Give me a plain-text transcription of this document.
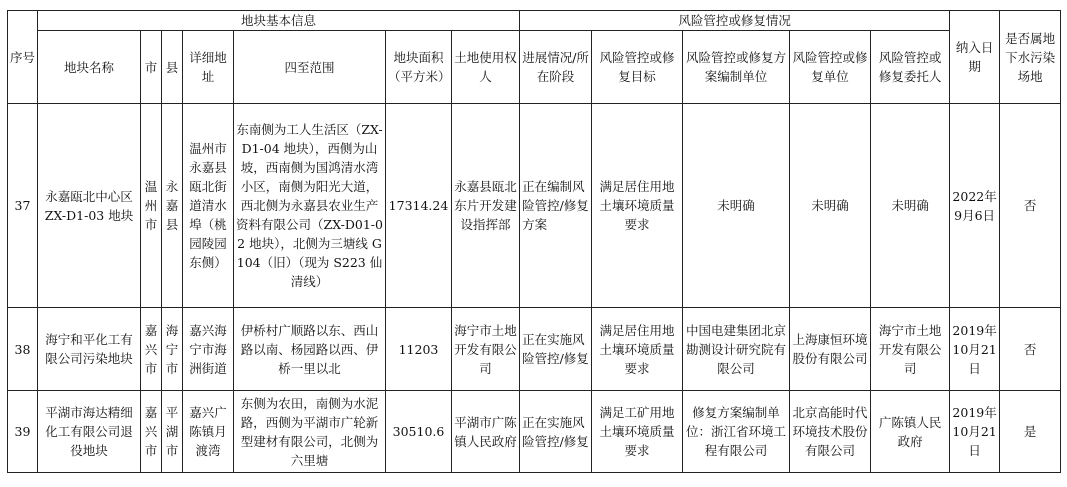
序号	地块基本信息							风险管控或修复情况					纳入日期	是否属地下水污染场地
	地块名称	市	县	详细地址	四至范围	地块面积（平方米）	土地使用权人	进展情况/所在阶段	风险管控或修复目标	风险管控或修复方案编制单位	风险管控或修复单位	风险管控或修复委托人		
37	永嘉瓯北中心区 ZX-D1-03 地块	温州市	永嘉县	温州市永嘉县瓯北街道清水埠（桃园陵园东侧）	东南侧为工人生活区（ZX-D1-04 地块），西侧为山坡，西南侧为国鸿清水湾小区，南侧为阳光大道，西北侧为永嘉县农业生产资料有限公司（ZX-D01-02 地块），北侧为三塘线 G104（旧）（现为 S223 仙清线）	17314.24	永嘉县瓯北东片开发建设指挥部	正在编制风险管控/修复方案	满足居住用地土壤环境质量要求	未明确	未明确	未明确	2022年9月6日	否
38	海宁和平化工有限公司污染地块	嘉兴市	海宁市	嘉兴海宁市海洲街道	伊桥村广顺路以东、西山路以南、杨园路以西、伊桥一里以北	11203	海宁市土地开发有限公司	正在实施风险管控/修复	满足居住用地土壤环境质量要求	中国电建集团北京勘测设计研究院有限公司	上海康恒环境股份有限公司	海宁市土地开发有限公司	2019年10月21日	否
39	平湖市海达精细化工有限公司退役地块	嘉兴市	平湖市	嘉兴广陈镇月渡湾	东侧为农田，南侧为水泥路，西侧为平湖市广轮新型建材有限公司，北侧为六里塘	30510.6	平湖市广陈镇人民政府	正在实施风险管控/修复	满足工矿用地土壤环境质量要求	修复方案编制单位：浙江省环境工程有限公司	北京高能时代环境技术股份有限公司	广陈镇人民政府	2019年10月21日	是
